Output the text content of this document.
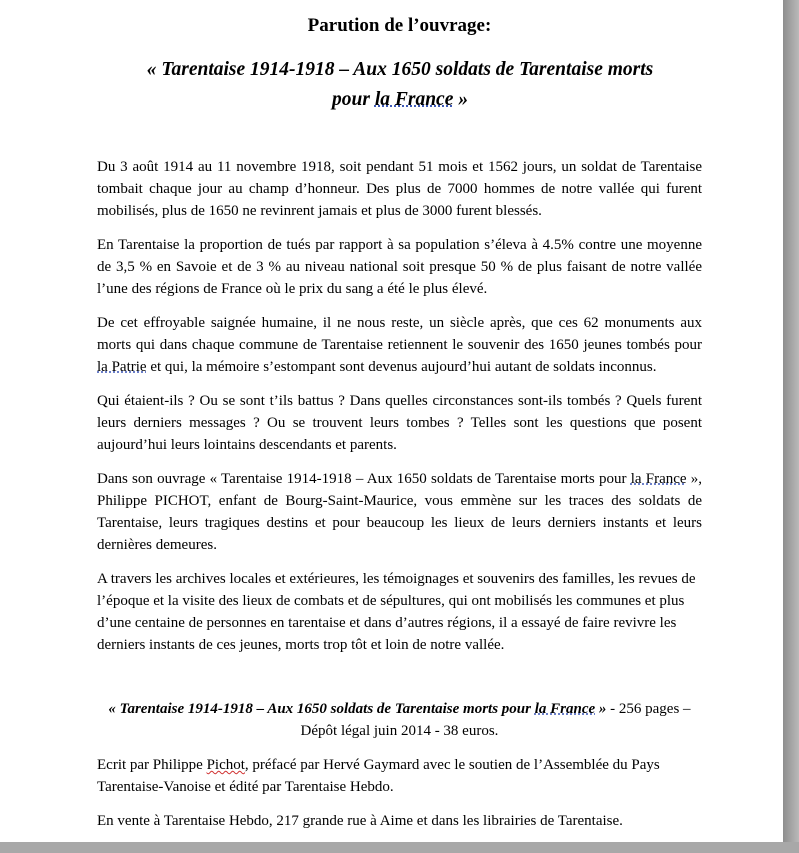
Parution de l’ouvrage:
« Tarentaise 1914-1918 – Aux 1650 soldats de Tarentaise morts
pour la France »

Du 3 août 1914 au 11 novembre 1918, soit pendant 51 mois et 1562 jours, un soldat de Tarentaise tombait chaque jour au champ d’honneur. Des plus de 7000 hommes de notre vallée qui furent mobilisés, plus de 1650 ne revinrent jamais et plus de 3000 furent blessés.

En Tarentaise la proportion de tués par rapport à sa population s’éleva à 4.5% contre une moyenne de 3,5 % en Savoie et de 3 % au niveau national soit presque 50 % de plus faisant de notre vallée l’une des régions de France où le prix du sang a été le plus élevé.

De cet effroyable saignée humaine, il ne nous reste, un siècle après, que ces 62 monuments aux morts qui dans chaque commune de Tarentaise retiennent le souvenir des 1650 jeunes tombés pour la Patrie et qui, la mémoire s’estompant sont devenus aujourd’hui autant de soldats inconnus.

Qui étaient-ils ? Ou se sont t’ils battus ? Dans quelles circonstances sont-ils tombés ? Quels furent leurs derniers messages ? Ou se trouvent leurs tombes ? Telles sont les questions que posent aujourd’hui leurs lointains descendants et parents.

Dans son ouvrage « Tarentaise 1914-1918 – Aux 1650 soldats de Tarentaise morts pour la France », Philippe PICHOT, enfant de Bourg-Saint-Maurice, vous emmène sur les traces des soldats de Tarentaise, leurs tragiques destins et pour beaucoup les lieux de leurs derniers instants et leurs dernières demeures.

A travers les archives locales et extérieures, les témoignages et souvenirs des familles, les revues de l’époque et la visite des lieux de combats et de sépultures, qui ont mobilisés les communes et plus d’une centaine de personnes en tarentaise et dans d’autres régions, il a essayé de faire revivre les derniers instants de ces jeunes, morts trop tôt et loin de notre vallée.

« Tarentaise 1914-1918 – Aux 1650 soldats de Tarentaise morts pour la France » - 256 pages – Dépôt légal juin 2014 - 38 euros.

Ecrit par Philippe Pichot, préfacé par Hervé Gaymard avec le soutien de l’Assemblée du Pays Tarentaise-Vanoise et édité par Tarentaise Hebdo.

En vente à Tarentaise Hebdo, 217 grande rue à Aime et dans les librairies de Tarentaise.
